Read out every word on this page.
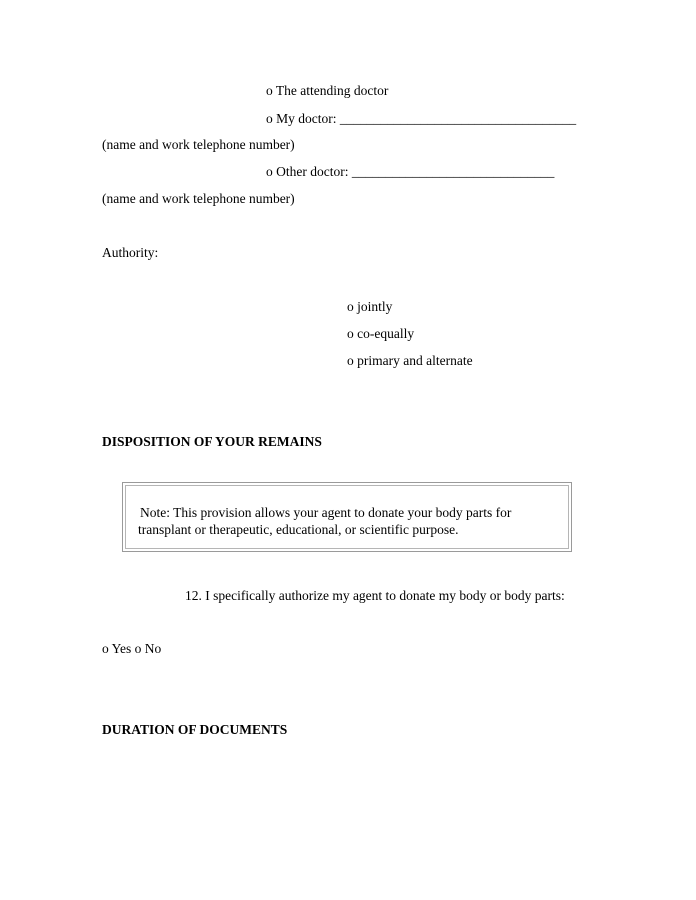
o The attending doctor
o My doctor: ___________________________________
(name and work telephone number)
o Other doctor: ______________________________
(name and work telephone number)
Authority:
o jointly
o co-equally
o primary and alternate
DISPOSITION OF YOUR REMAINS
Note: This provision allows your agent to donate your body parts for
transplant or therapeutic, educational, or scientific purpose.
12. I specifically authorize my agent to donate my body or body parts:
o Yes o No
DURATION OF DOCUMENTS
